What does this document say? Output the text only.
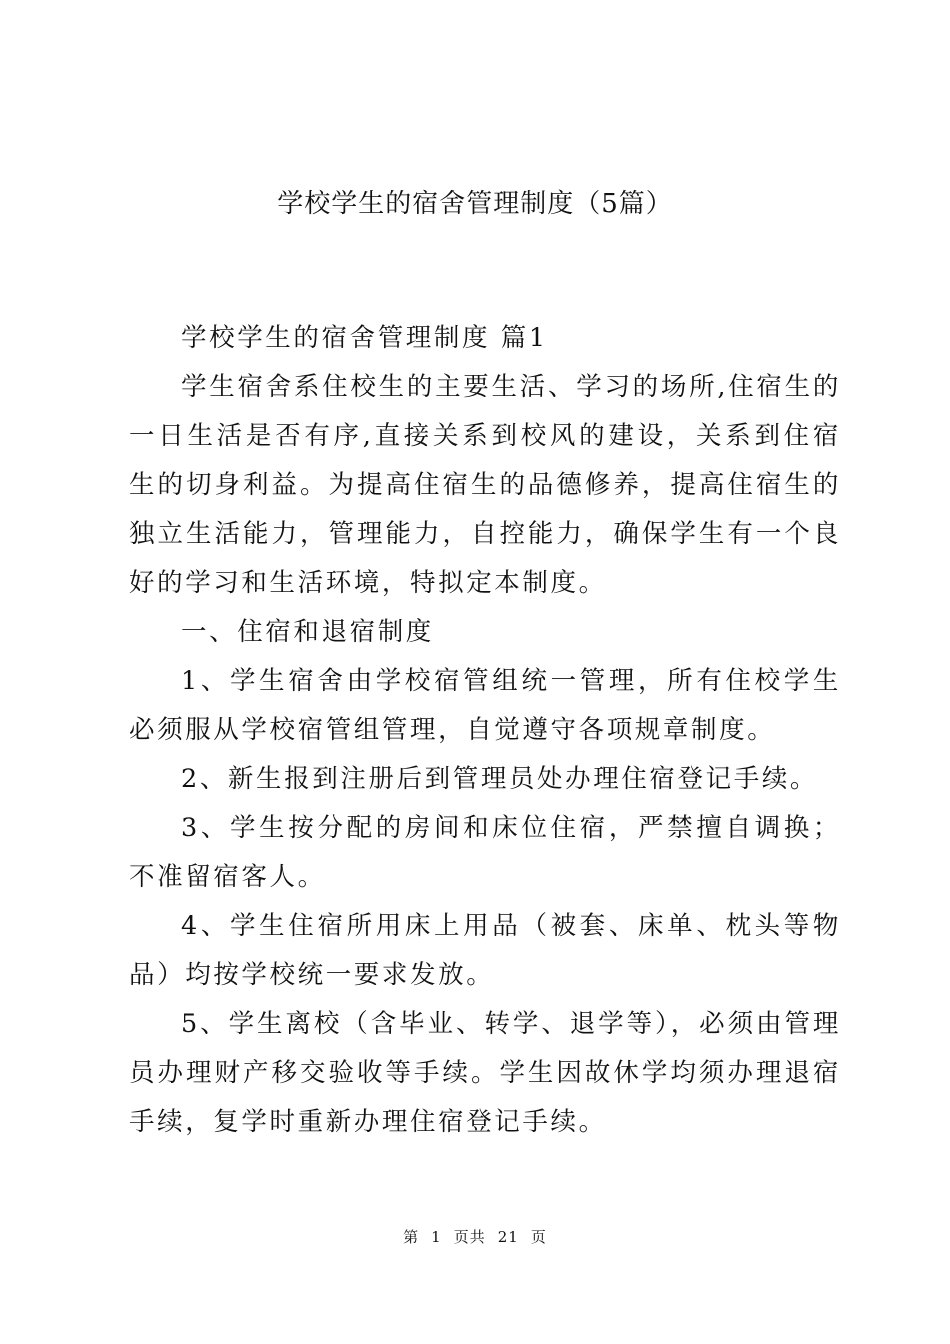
学校学生的宿舍管理制度（5篇）

学校学生的宿舍管理制度 篇1

学生宿舍系住校生的主要生活、学习的场所,住宿生的一日生活是否有序,直接关系到校风的建设，关系到住宿生的切身利益。为提高住宿生的品德修养，提高住宿生的独立生活能力，管理能力，自控能力，确保学生有一个良好的学习和生活环境，特拟定本制度。

一、住宿和退宿制度

1、学生宿舍由学校宿管组统一管理，所有住校学生必须服从学校宿管组管理，自觉遵守各项规章制度。

2、新生报到注册后到管理员处办理住宿登记手续。

3、学生按分配的房间和床位住宿，严禁擅自调换；不准留宿客人。

4、学生住宿所用床上用品（被套、床单、枕头等物品）均按学校统一要求发放。

5、学生离校（含毕业、转学、退学等），必须由管理员办理财产移交验收等手续。学生因故休学均须办理退宿手续，复学时重新办理住宿登记手续。

第 1 页共 21 页
